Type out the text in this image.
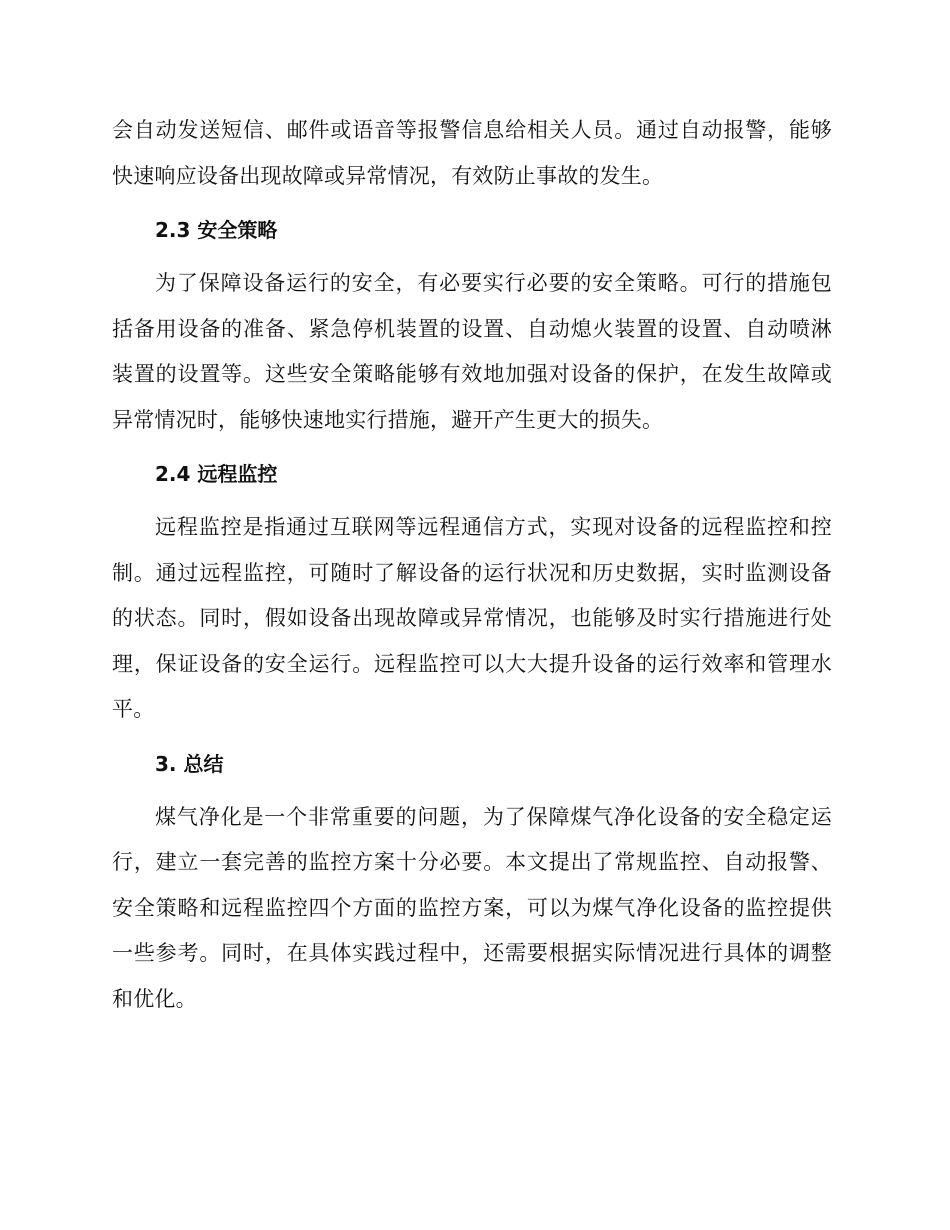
会自动发送短信、邮件或语音等报警信息给相关人员。通过自动报警，能够快速响应设备出现故障或异常情况，有效防止事故的发生。

2.3 安全策略

为了保障设备运行的安全，有必要实行必要的安全策略。可行的措施包括备用设备的准备、紧急停机装置的设置、自动熄火装置的设置、自动喷淋装置的设置等。这些安全策略能够有效地加强对设备的保护，在发生故障或异常情况时，能够快速地实行措施，避开产生更大的损失。

2.4 远程监控

远程监控是指通过互联网等远程通信方式，实现对设备的远程监控和控制。通过远程监控，可随时了解设备的运行状况和历史数据，实时监测设备的状态。同时，假如设备出现故障或异常情况，也能够及时实行措施进行处理，保证设备的安全运行。远程监控可以大大提升设备的运行效率和管理水平。

3. 总结

煤气净化是一个非常重要的问题，为了保障煤气净化设备的安全稳定运行，建立一套完善的监控方案十分必要。本文提出了常规监控、自动报警、安全策略和远程监控四个方面的监控方案，可以为煤气净化设备的监控提供一些参考。同时，在具体实践过程中，还需要根据实际情况进行具体的调整和优化。
